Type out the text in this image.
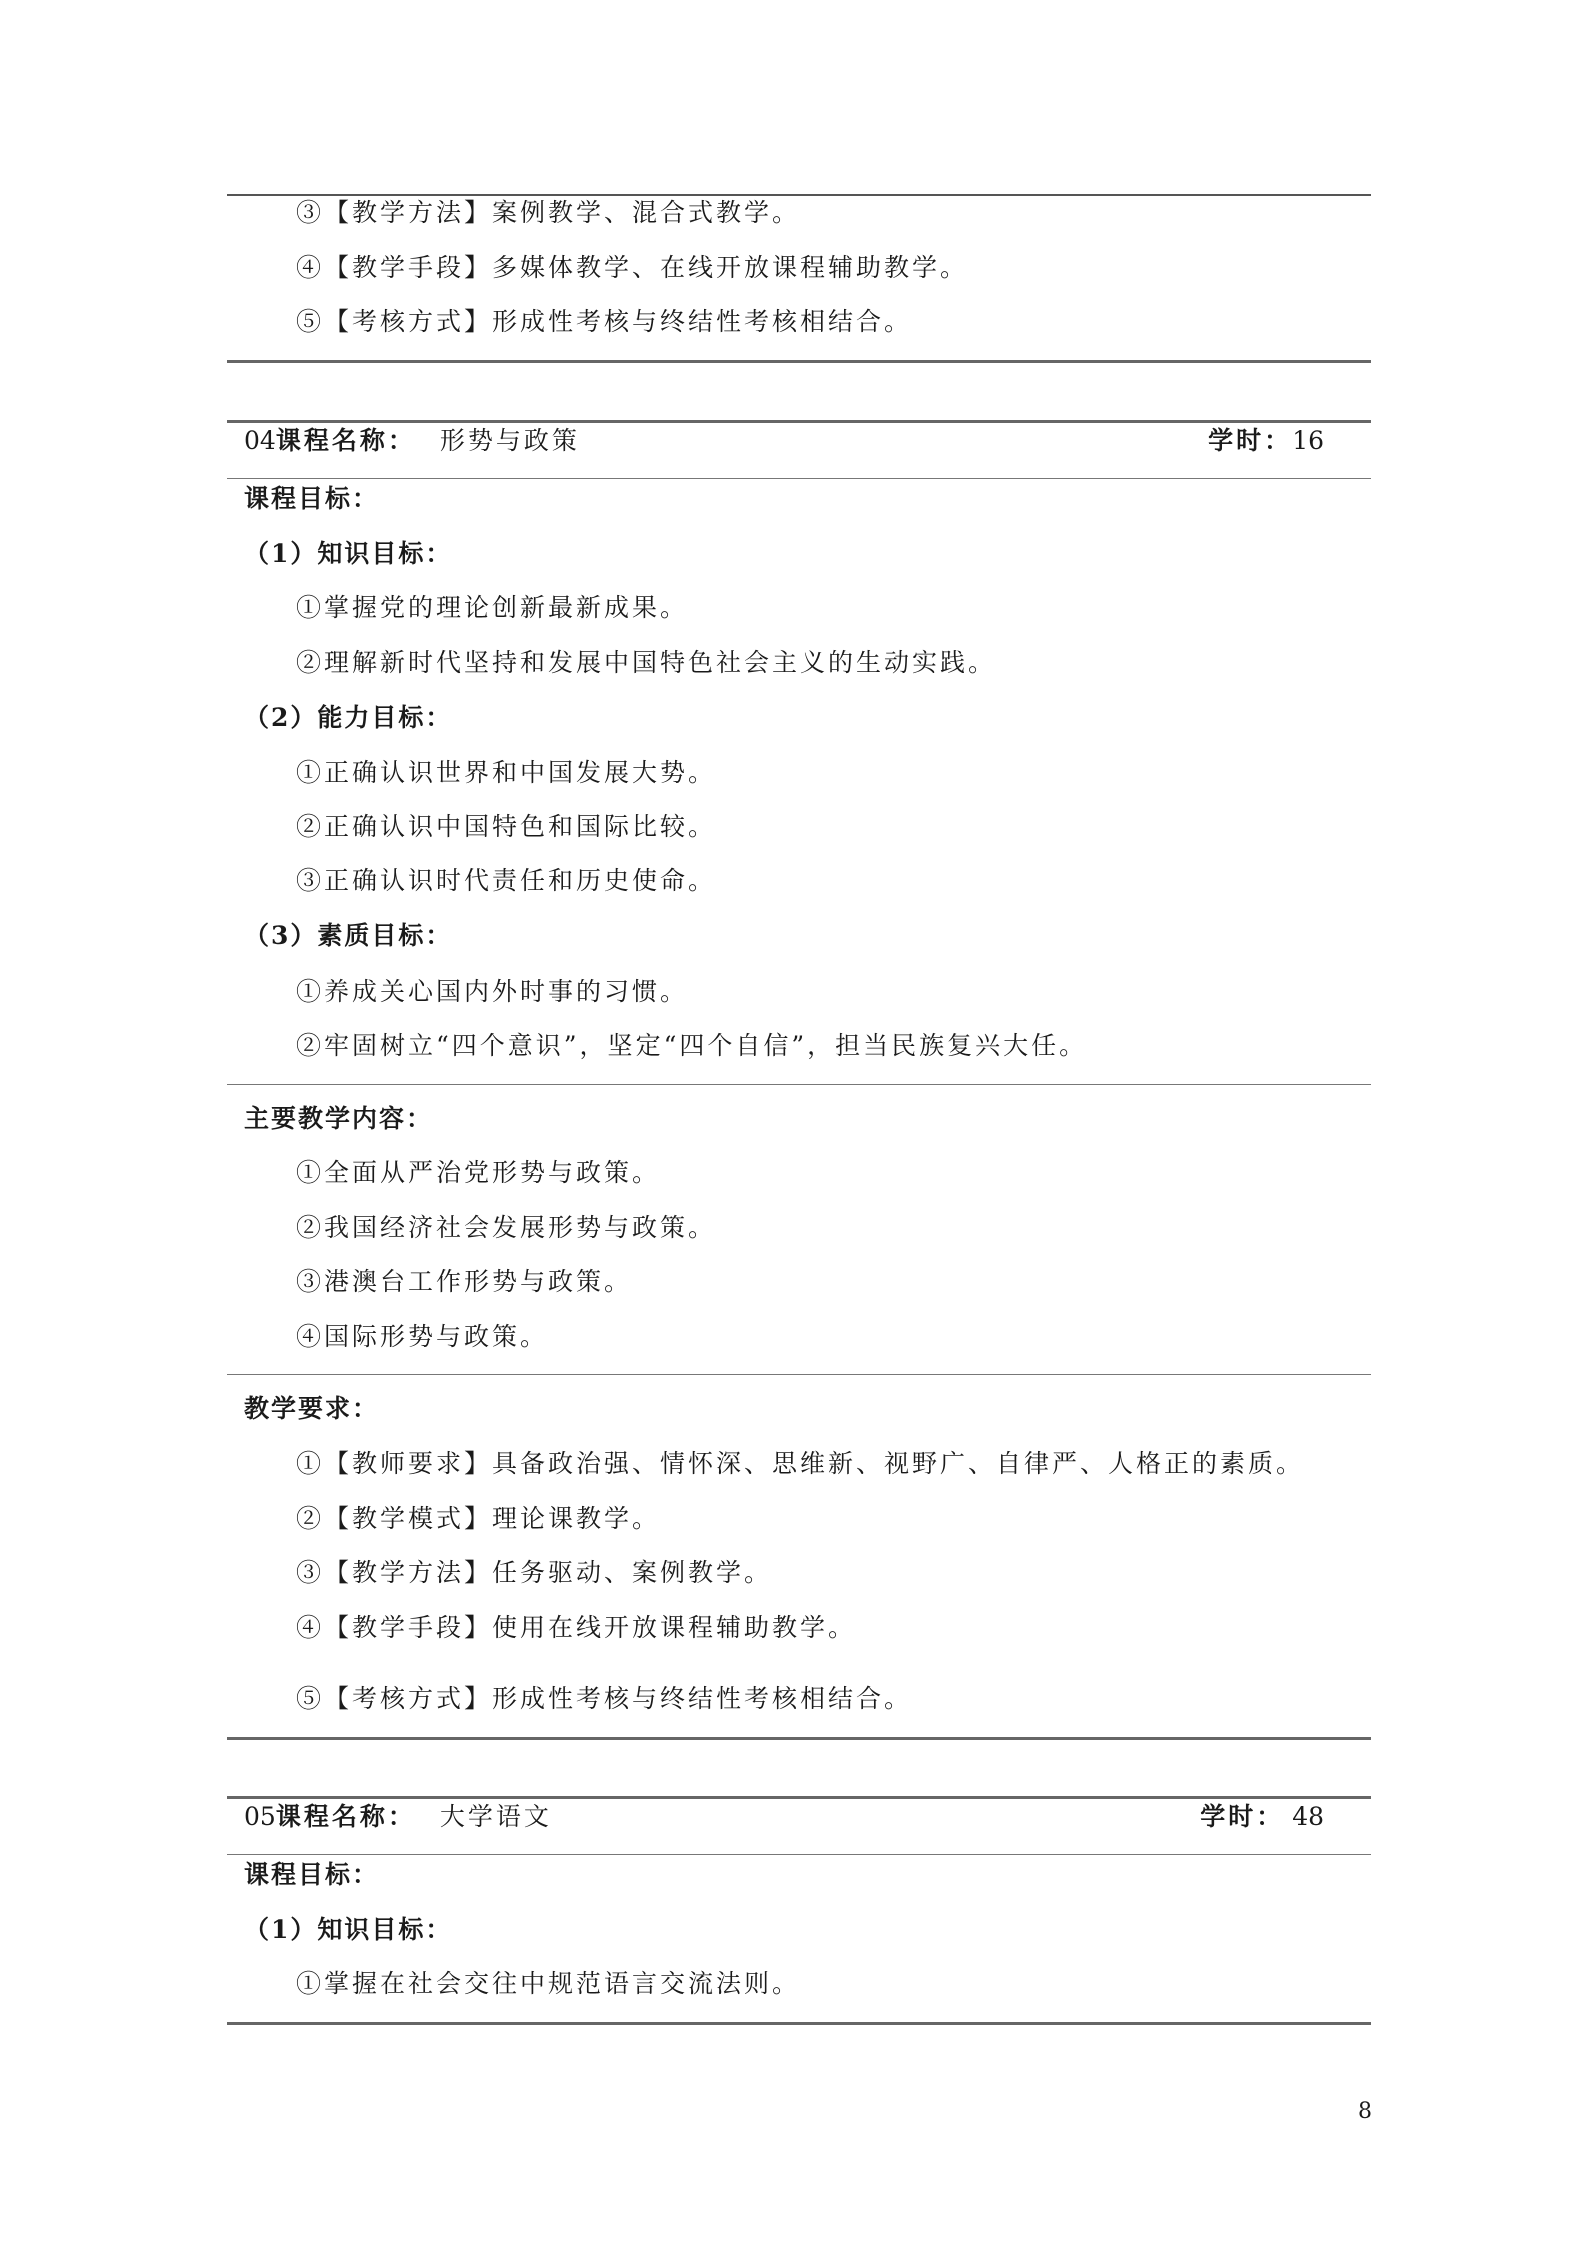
③【教学方法】案例教学、混合式教学。
④【教学手段】多媒体教学、在线开放课程辅助教学。
⑤【考核方式】形成性考核与终结性考核相结合。
04课程名称： 形势与政策	学时：16
课程目标：
（1）知识目标：
①掌握党的理论创新最新成果。
②理解新时代坚持和发展中国特色社会主义的生动实践。
（2）能力目标：
①正确认识世界和中国发展大势。
②正确认识中国特色和国际比较。
③正确认识时代责任和历史使命。
（3）素质目标：
①养成关心国内外时事的习惯。
②牢固树立“四个意识”，坚定“四个自信”，担当民族复兴大任。
主要教学内容：
①全面从严治党形势与政策。
②我国经济社会发展形势与政策。
③港澳台工作形势与政策。
④国际形势与政策。
教学要求：
①【教师要求】具备政治强、情怀深、思维新、视野广、自律严、人格正的素质。
②【教学模式】理论课教学。
③【教学方法】任务驱动、案例教学。
④【教学手段】使用在线开放课程辅助教学。
⑤【考核方式】形成性考核与终结性考核相结合。
05课程名称： 大学语文	学时： 48
课程目标：
（1）知识目标：
①掌握在社会交往中规范语言交流法则。
8
